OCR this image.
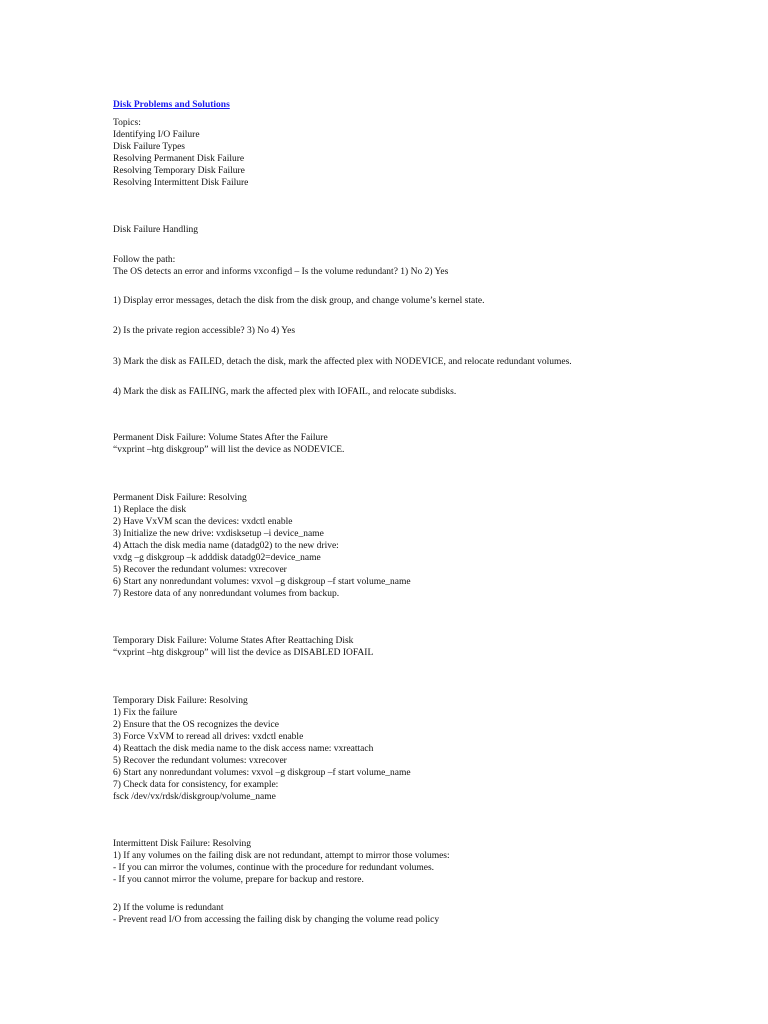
Disk Problems and Solutions
Topics:
Identifying I/O Failure
Disk Failure Types
Resolving Permanent Disk Failure
Resolving Temporary Disk Failure
Resolving Intermittent Disk Failure
Disk Failure Handling
Follow the path:
The OS detects an error and informs vxconfigd – Is the volume redundant? 1) No 2) Yes
1) Display error messages, detach the disk from the disk group, and change volume’s kernel state.
2) Is the private region accessible? 3) No 4) Yes
3) Mark the disk as FAILED, detach the disk, mark the affected plex with NODEVICE, and relocate redundant volumes.
4) Mark the disk as FAILING, mark the affected plex with IOFAIL, and relocate subdisks.
Permanent Disk Failure: Volume States After the Failure
“vxprint –htg diskgroup” will list the device as NODEVICE.
Permanent Disk Failure: Resolving
1) Replace the disk
2) Have VxVM scan the devices: vxdctl enable
3) Initialize the new drive: vxdisksetup –i device_name
4) Attach the disk media name (datadg02) to the new drive:
vxdg –g diskgroup –k adddisk datadg02=device_name
5) Recover the redundant volumes: vxrecover
6) Start any nonredundant volumes: vxvol –g diskgroup –f start volume_name
7) Restore data of any nonredundant volumes from backup.
Temporary Disk Failure: Volume States After Reattaching Disk
“vxprint –htg diskgroup” will list the device as DISABLED IOFAIL
Temporary Disk Failure: Resolving
1) Fix the failure
2) Ensure that the OS recognizes the device
3) Force VxVM to reread all drives: vxdctl enable
4) Reattach the disk media name to the disk access name: vxreattach
5) Recover the redundant volumes: vxrecover
6) Start any nonredundant volumes: vxvol –g diskgroup –f start volume_name
7) Check data for consistency, for example:
fsck /dev/vx/rdsk/diskgroup/volume_name
Intermittent Disk Failure: Resolving
1) If any volumes on the failing disk are not redundant, attempt to mirror those volumes:
- If you can mirror the volumes, continue with the procedure for redundant volumes.
- If you cannot mirror the volume, prepare for backup and restore.
2) If the volume is redundant
- Prevent read I/O from accessing the failing disk by changing the volume read policy
